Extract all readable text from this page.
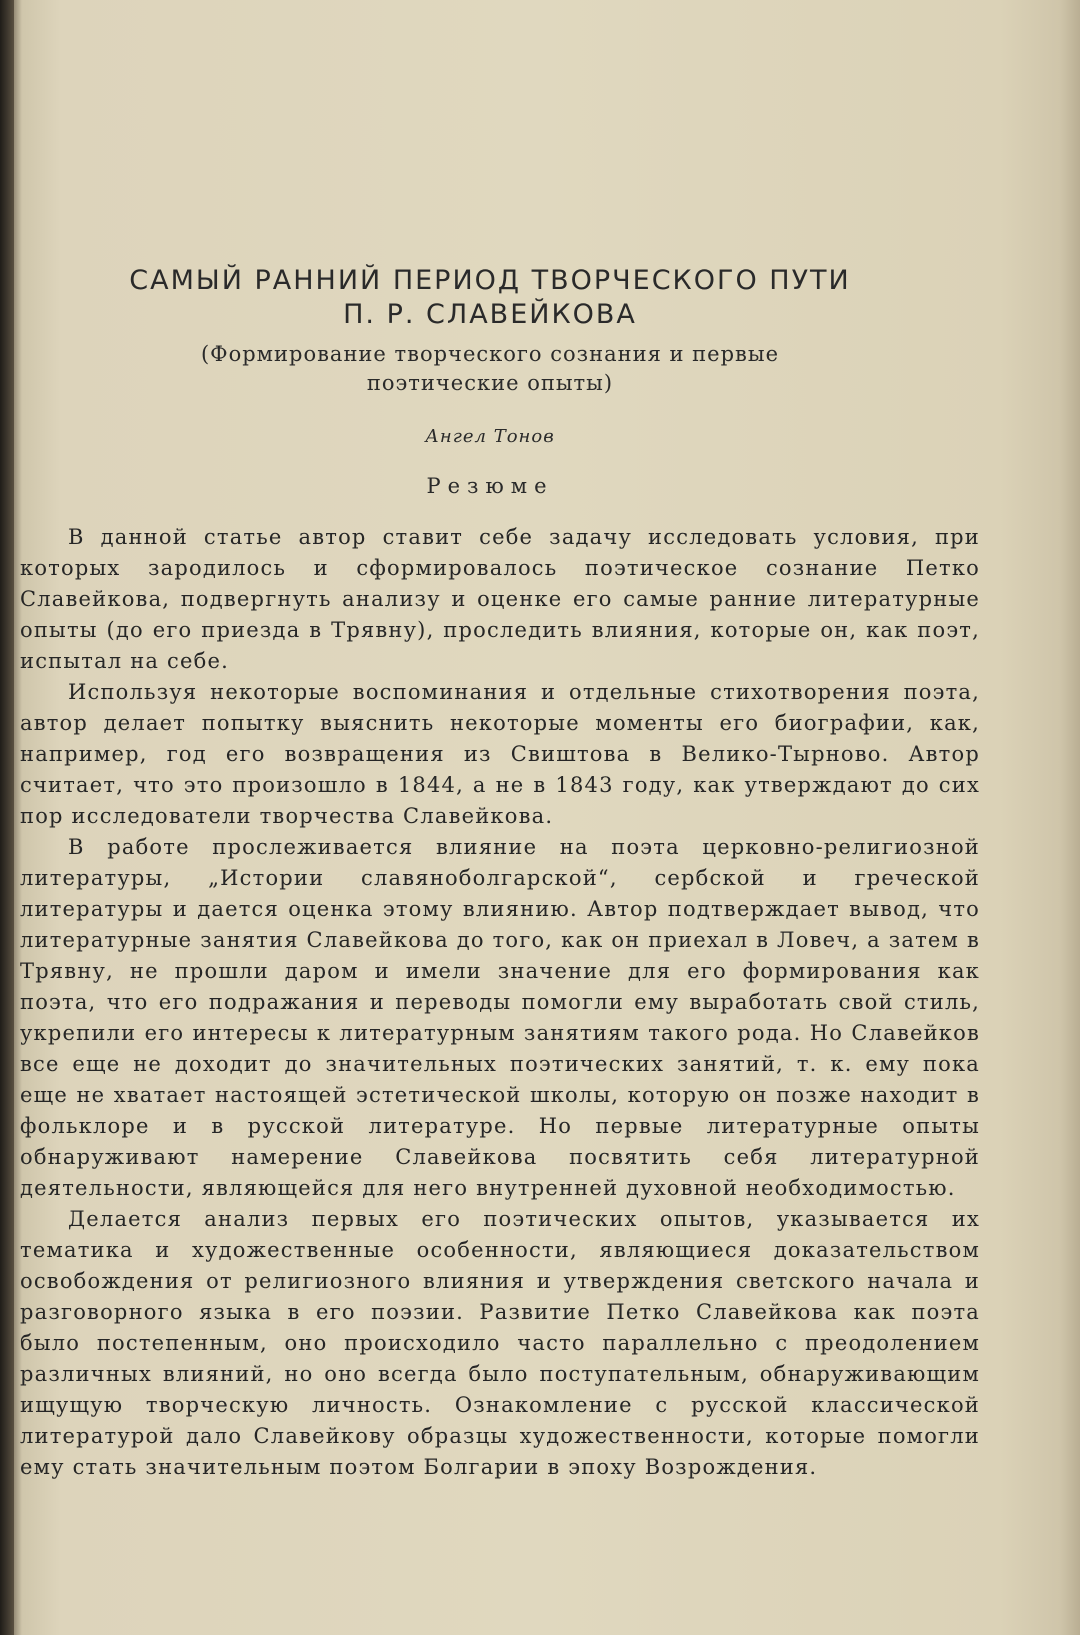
САМЫЙ РАННИЙ ПЕРИОД ТВОРЧЕСКОГО ПУТИ

П. Р. СЛАВЕЙКОВА

(Формирование творческого сознания и первые

поэтические опыты)

Ангел Тонов
Резюме

В данной статье автор ставит себе задачу исследовать условия, при которых зародилось и сформировалось поэтическое сознание Петко Славейкова, подвергнуть анализу и оценке его самые ранние литературные опыты (до его приезда в Трявну), проследить влияния, которые он, как поэт, испытал на себе.

Используя некоторые воспоминания и отдельные стихотворения поэта, автор делает попытку выяснить некоторые моменты его биографии, как, например, год его возвращения из Свиштова в Велико-Тырново. Автор считает, что это произошло в 1844, а не в 1843 году, как утверждают до сих пор исследователи творчества Славейкова.

В работе прослеживается влияние на поэта церковно-религиозной литературы, „Истории славяноболгарской“, сербской и греческой литературы и дается оценка этому влиянию. Автор подтверждает вывод, что литературные занятия Славейкова до того, как он приехал в Ловеч, а затем в Трявну, не прошли даром и имели значение для его формирования как поэта, что его подражания и переводы помогли ему выработать свой стиль, укрепили его интересы к литературным занятиям такого рода. Но Славейков все еще не доходит до значительных поэтических занятий, т. к. ему пока еще не хватает настоящей эстетической школы, которую он позже находит в фольклоре и в русской литературе. Но первые литературные опыты обнаруживают намерение Славейкова посвятить себя литературной деятельности, являющейся для него внутренней духовной необходимостью.

Делается анализ первых его поэтических опытов, указывается их тематика и художественные особенности, являющиеся доказательством освобождения от религиозного влияния и утверждения светского начала и разговорного языка в его поэзии. Развитие Петко Славейкова как поэта было постепенным, оно происходило часто параллельно с преодолением различных влияний, но оно всегда было поступательным, обнаруживающим ищущую творческую личность. Ознакомление с русской классической литературой дало Славейкову образцы художественности, которые помогли ему стать значительным поэтом Болгарии в эпоху Возрождения.
